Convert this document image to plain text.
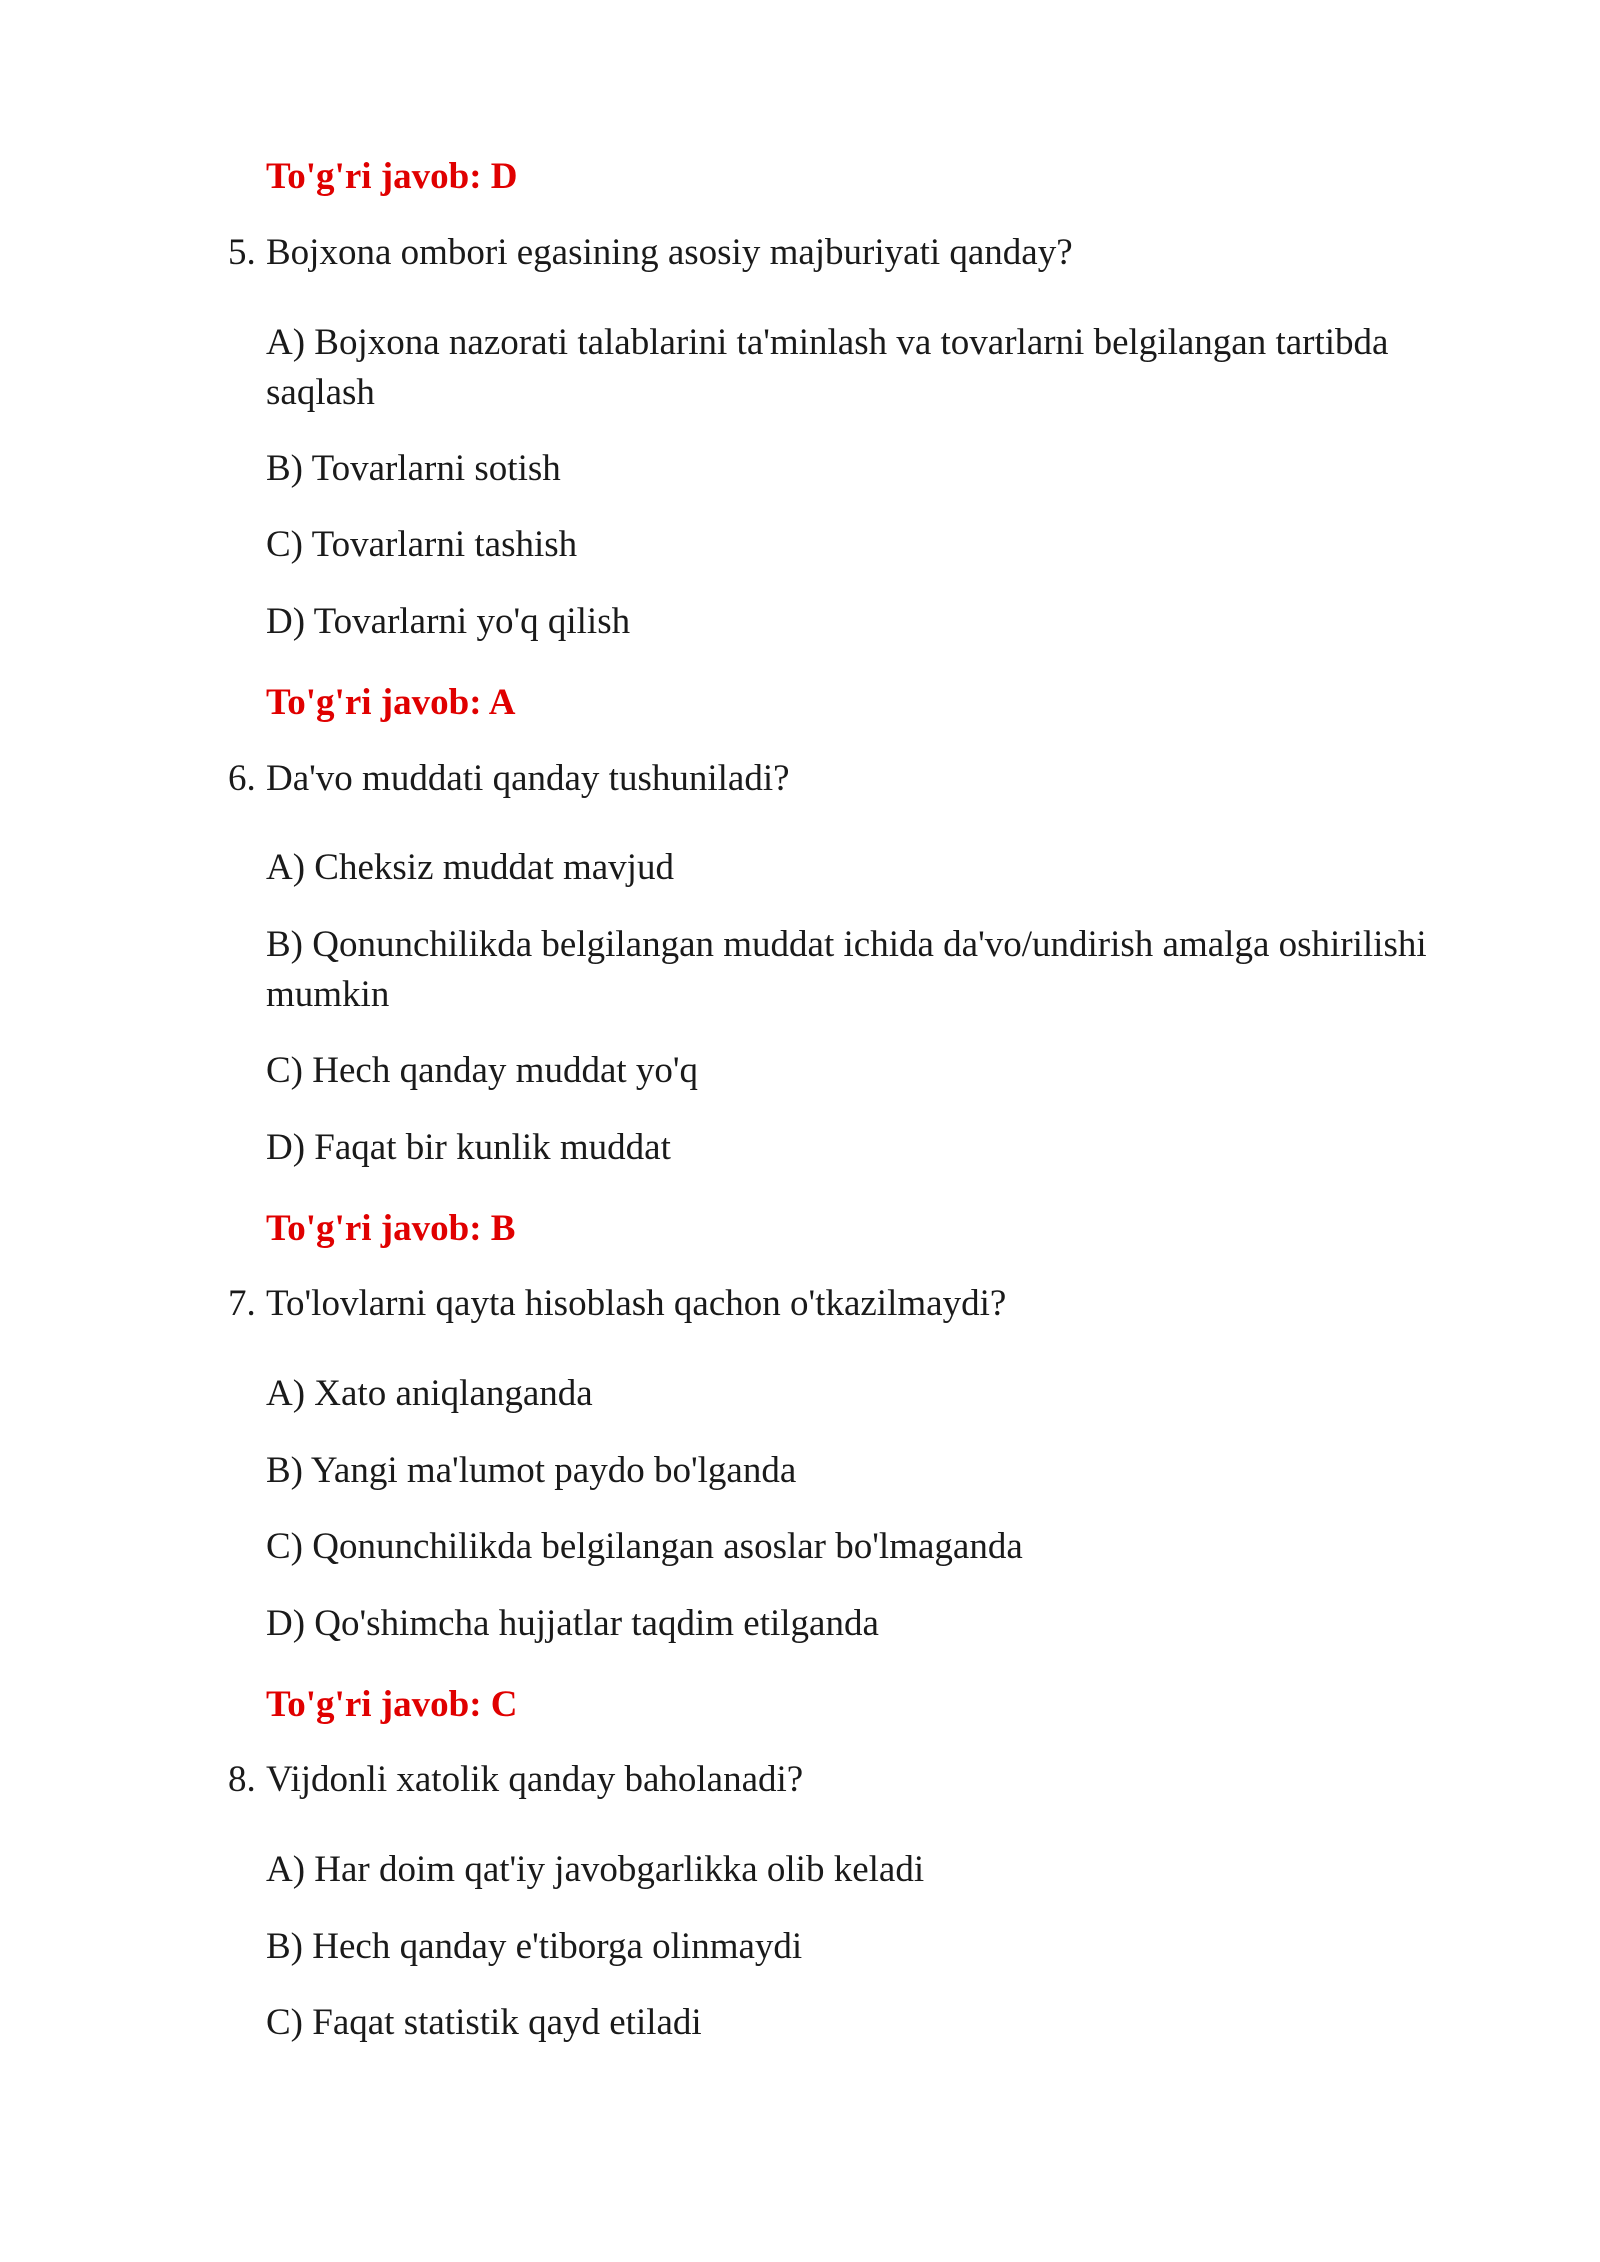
To'g'ri javob: D
5. Bojxona ombori egasining asosiy majburiyati qanday?
A) Bojxona nazorati talablarini ta'minlash va tovarlarni belgilangan tartibda saqlash
B) Tovarlarni sotish
C) Tovarlarni tashish
D) Tovarlarni yo'q qilish
To'g'ri javob: A
6. Da'vo muddati qanday tushuniladi?
A) Cheksiz muddat mavjud
B) Qonunchilikda belgilangan muddat ichida da'vo/undirish amalga oshirilishi mumkin
C) Hech qanday muddat yo'q
D) Faqat bir kunlik muddat
To'g'ri javob: B
7. To'lovlarni qayta hisoblash qachon o'tkazilmaydi?
A) Xato aniqlanganda
B) Yangi ma'lumot paydo bo'lganda
C) Qonunchilikda belgilangan asoslar bo'lmaganda
D) Qo'shimcha hujjatlar taqdim etilganda
To'g'ri javob: C
8. Vijdonli xatolik qanday baholanadi?
A) Har doim qat'iy javobgarlikka olib keladi
B) Hech qanday e'tiborga olinmaydi
C) Faqat statistik qayd etiladi
